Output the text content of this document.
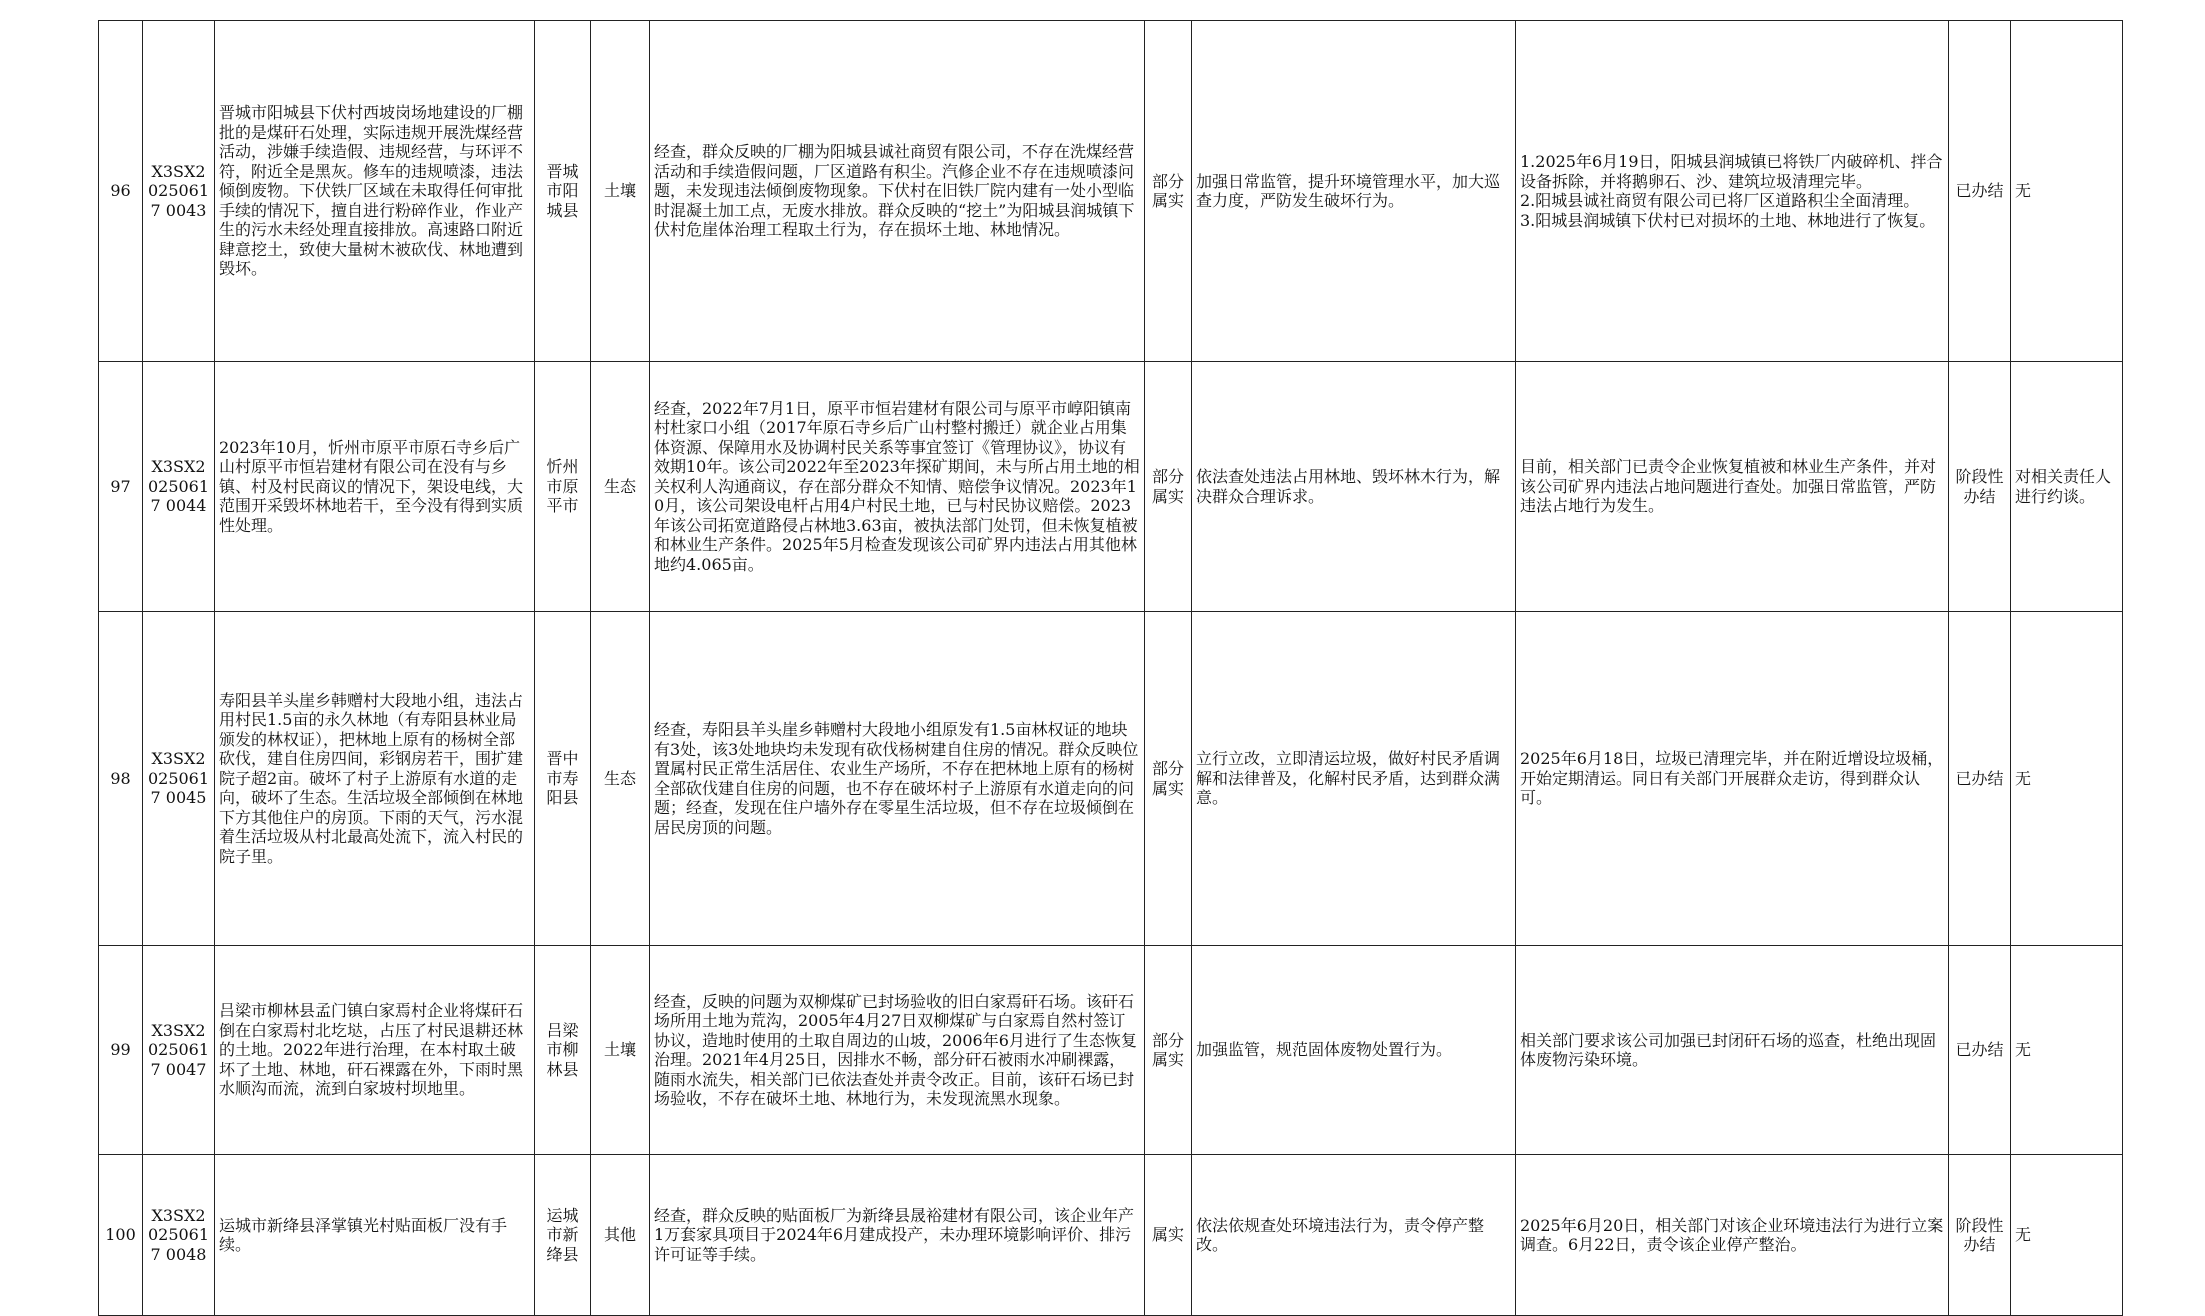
96	X3SX20250617 0043	晋城市阳城县下伏村西坡岗场地建设的厂棚批的是煤矸石处理，实际违规开展洗煤经营活动，涉嫌手续造假、违规经营，与环评不符，附近全是黑灰。修车的违规喷漆，违法倾倒废物。下伏铁厂区域在未取得任何审批手续的情况下，擅自进行粉碎作业，作业产生的污水未经处理直接排放。高速路口附近肆意挖土，致使大量树木被砍伐、林地遭到毁坏。	晋城市阳城县	土壤	经查，群众反映的厂棚为阳城县诚社商贸有限公司，不存在洗煤经营活动和手续造假问题，厂区道路有积尘。汽修企业不存在违规喷漆问题，未发现违法倾倒废物现象。下伏村在旧铁厂院内建有一处小型临时混凝土加工点，无废水排放。群众反映的“挖土”为阳城县润城镇下伏村危崖体治理工程取土行为，存在损坏土地、林地情况。	部分属实	加强日常监管，提升环境管理水平，加大巡查力度，严防发生破坏行为。	1.2025年6月19日，阳城县润城镇已将铁厂内破碎机、拌合设备拆除，并将鹅卵石、沙、建筑垃圾清理完毕。
2.阳城县诚社商贸有限公司已将厂区道路积尘全面清理。
3.阳城县润城镇下伏村已对损坏的土地、林地进行了恢复。	已办结	无
97	X3SX20250617 0044	2023年10月，忻州市原平市原石寺乡后广山村原平市恒岩建材有限公司在没有与乡镇、村及村民商议的情况下，架设电线，大范围开采毁坏林地若干，至今没有得到实质性处理。	忻州市原平市	生态	经查，2022年7月1日，原平市恒岩建材有限公司与原平市崞阳镇南村杜家口小组（2017年原石寺乡后广山村整村搬迁）就企业占用集体资源、保障用水及协调村民关系等事宜签订《管理协议》，协议有效期10年。该公司2022年至2023年探矿期间，未与所占用土地的相关权利人沟通商议，存在部分群众不知情、赔偿争议情况。2023年10月，该公司架设电杆占用4户村民土地，已与村民协议赔偿。2023年该公司拓宽道路侵占林地3.63亩，被执法部门处罚，但未恢复植被和林业生产条件。2025年5月检查发现该公司矿界内违法占用其他林地约4.065亩。	部分属实	依法查处违法占用林地、毁坏林木行为，解决群众合理诉求。	目前，相关部门已责令企业恢复植被和林业生产条件，并对该公司矿界内违法占地问题进行查处。加强日常监管，严防违法占地行为发生。	阶段性办结	对相关责任人进行约谈。
98	X3SX20250617 0045	寿阳县羊头崖乡韩赠村大段地小组，违法占用村民1.5亩的永久林地（有寿阳县林业局颁发的林权证），把林地上原有的杨树全部砍伐，建自住房四间，彩钢房若干，围扩建院子超2亩。破坏了村子上游原有水道的走向，破坏了生态。生活垃圾全部倾倒在林地下方其他住户的房顶。下雨的天气，污水混着生活垃圾从村北最高处流下，流入村民的院子里。	晋中市寿阳县	生态	经查，寿阳县羊头崖乡韩赠村大段地小组原发有1.5亩林权证的地块有3处，该3处地块均未发现有砍伐杨树建自住房的情况。群众反映位置属村民正常生活居住、农业生产场所，不存在把林地上原有的杨树全部砍伐建自住房的问题，也不存在破坏村子上游原有水道走向的问题；经查，发现在住户墙外存在零星生活垃圾，但不存在垃圾倾倒在居民房顶的问题。	部分属实	立行立改，立即清运垃圾，做好村民矛盾调解和法律普及，化解村民矛盾，达到群众满意。	2025年6月18日，垃圾已清理完毕，并在附近增设垃圾桶，开始定期清运。同日有关部门开展群众走访，得到群众认可。	已办结	无
99	X3SX20250617 0047	吕梁市柳林县孟门镇白家焉村企业将煤矸石倒在白家焉村北圪垯，占压了村民退耕还林的土地。2022年进行治理，在本村取土破坏了土地、林地，矸石裸露在外，下雨时黑水顺沟而流，流到白家坡村坝地里。	吕梁市柳林县	土壤	经查，反映的问题为双柳煤矿已封场验收的旧白家焉矸石场。该矸石场所用土地为荒沟，2005年4月27日双柳煤矿与白家焉自然村签订协议，造地时使用的土取自周边的山坡，2006年6月进行了生态恢复治理。2021年4月25日，因排水不畅，部分矸石被雨水冲刷裸露，随雨水流失，相关部门已依法查处并责令改正。目前，该矸石场已封场验收，不存在破坏土地、林地行为，未发现流黑水现象。	部分属实	加强监管，规范固体废物处置行为。	相关部门要求该公司加强已封闭矸石场的巡查，杜绝出现固体废物污染环境。	已办结	无
100	X3SX20250617 0048	运城市新绛县泽掌镇光村贴面板厂没有手续。	运城市新绛县	其他	经查，群众反映的贴面板厂为新绛县晟裕建材有限公司，该企业年产1万套家具项目于2024年6月建成投产，未办理环境影响评价、排污许可证等手续。	属实	依法依规查处环境违法行为，责令停产整改。	2025年6月20日，相关部门对该企业环境违法行为进行立案调查。6月22日，责令该企业停产整治。	阶段性办结	无
